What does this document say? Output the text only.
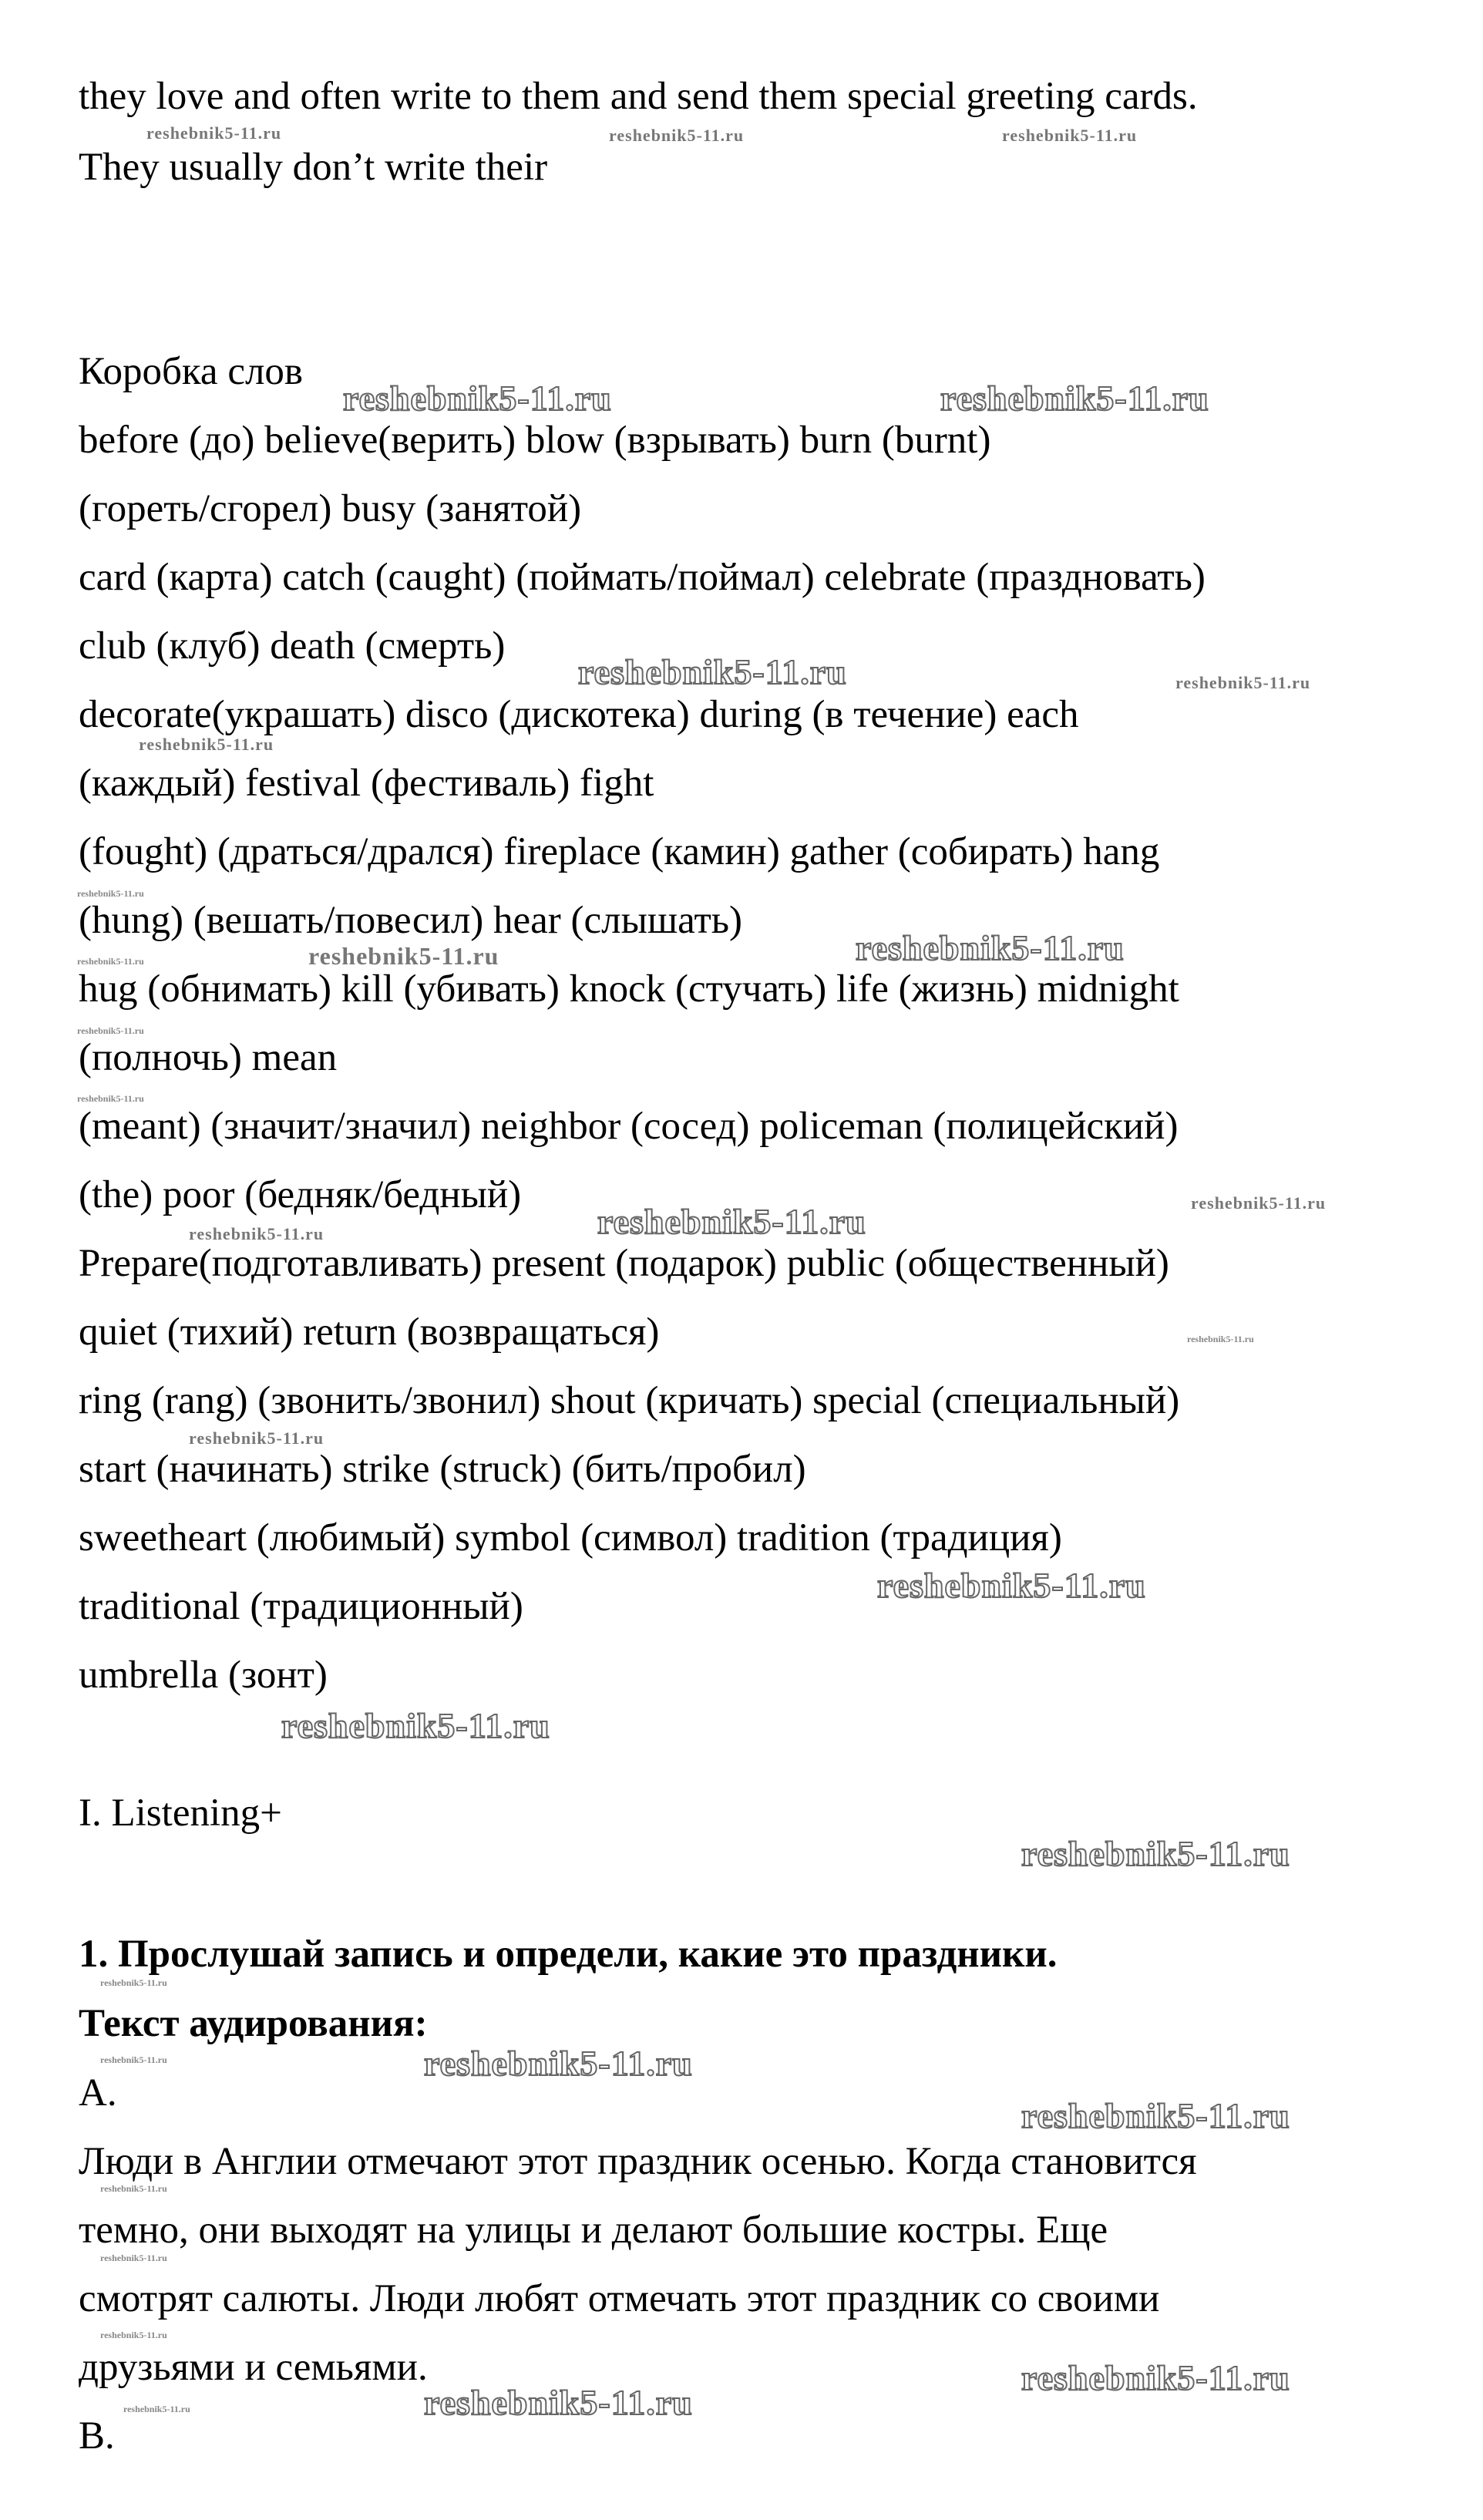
they love and often write to them and send them special greeting cards.
They usually don’t write their
Коробка слов
before (до) believe(верить) blow (взрывать) burn (burnt)
(гореть/сгорел) busy (занятой)
card (карта) catch (caught) (поймать/поймал) celebrate (праздновать)
club (клуб) death (смерть)
decorate(украшать) disco (дискотека) during (в течение) each
(каждый) festival (фестиваль) fight
(fought) (драться/дрался) fireplace (камин) gather (собирать) hang
(hung) (вешать/повесил) hear (слышать)
hug (обнимать) kill (убивать) knock (стучать) life (жизнь) midnight
(полночь) mean
(meant) (значит/значил) neighbor (сосед) policeman (полицейский)
(the) poor (бедняк/бедный)
Prepare(подготавливать) present (подарок) public (общественный)
quiet (тихий) return (возвращаться)
ring (rang) (звонить/звонил) shout (кричать) special (специальный)
start (начинать) strike (struck) (бить/пробил)
sweetheart (любимый) symbol (символ) tradition (традиция)
traditional (традиционный)
umbrella (зонт)
I. Listening+
1. Прослушай запись и определи, какие это праздники.
Текст аудирования:
A.
Люди в Англии отмечают этот праздник осенью. Когда становится
темно, они выходят на улицы и делают большие костры. Еще
смотрят салюты. Люди любят отмечать этот праздник со своими
друзьями и семьями.
B.
reshebnik5-11.ru	reshebnik5-11.ru	reshebnik5-11.ru
reshebnik5-11.ru	reshebnik5-11.ru
reshebnik5-11.ru	reshebnik5-11.ru
reshebnik5-11.ru
reshebnik5-11.ru
reshebnik5-11.ru	reshebnik5-11.ru	reshebnik5-11.ru
reshebnik5-11.ru
reshebnik5-11.ru
reshebnik5-11.ru	reshebnik5-11.ru
reshebnik5-11.ru
reshebnik5-11.ru
reshebnik5-11.ru
reshebnik5-11.ru
reshebnik5-11.ru
reshebnik5-11.ru
reshebnik5-11.ru
reshebnik5-11.ru	reshebnik5-11.ru
reshebnik5-11.ru
reshebnik5-11.ru
reshebnik5-11.ru
reshebnik5-11.ru
reshebnik5-11.ru
reshebnik5-11.ru
reshebnik5-11.ru
